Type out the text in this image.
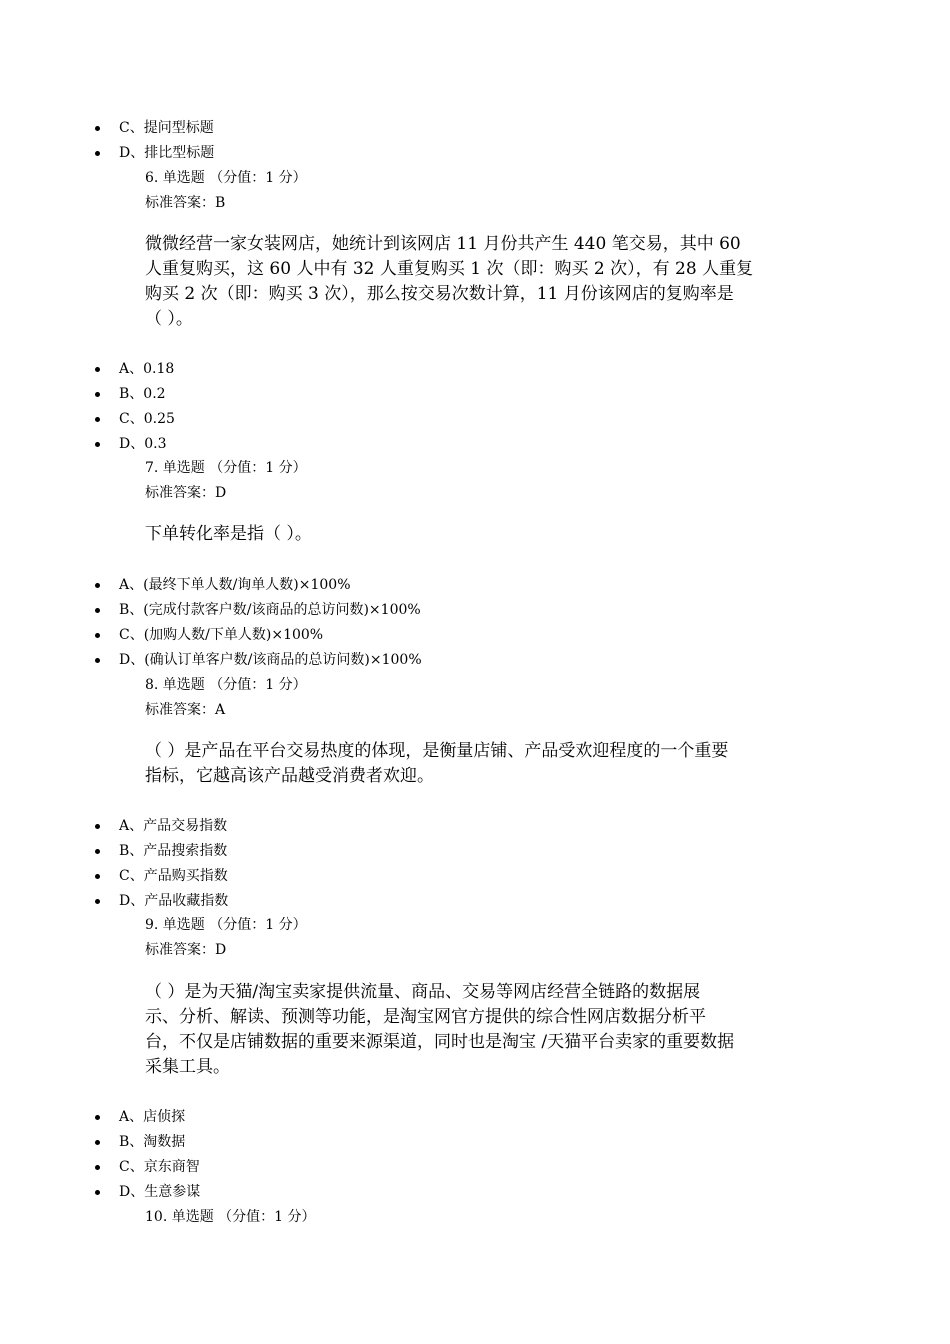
C、提问型标题
D、排比型标题
6. 单选题 （分值：1 分）
标准答案：B
微微经营一家女装网店，她统计到该网店 11 月份共产生 440 笔交易，其中 60
人重复购买，这 60 人中有 32 人重复购买 1 次（即：购买 2 次），有 28 人重复
购买 2 次（即：购买 3 次），那么按交易次数计算，11 月份该网店的复购率是
（ ）。
A、0.18
B、0.2
C、0.25
D、0.3
7. 单选题 （分值：1 分）
标准答案：D
下单转化率是指（ ）。
A、(最终下单人数/询单人数)×100%
B、(完成付款客户数/该商品的总访问数)×100%
C、(加购人数/下单人数)×100%
D、(确认订单客户数/该商品的总访问数)×100%
8. 单选题 （分值：1 分）
标准答案：A
（ ）是产品在平台交易热度的体现，是衡量店铺、产品受欢迎程度的一个重要
指标，它越高该产品越受消费者欢迎。
A、产品交易指数
B、产品搜索指数
C、产品购买指数
D、产品收藏指数
9. 单选题 （分值：1 分）
标准答案：D
（ ）是为天猫/淘宝卖家提供流量、商品、交易等网店经营全链路的数据展
示、分析、解读、预测等功能，是淘宝网官方提供的综合性网店数据分析平
台，不仅是店铺数据的重要来源渠道，同时也是淘宝 /天猫平台卖家的重要数据
采集工具。
A、店侦探
B、淘数据
C、京东商智
D、生意参谋
10. 单选题 （分值：1 分）
